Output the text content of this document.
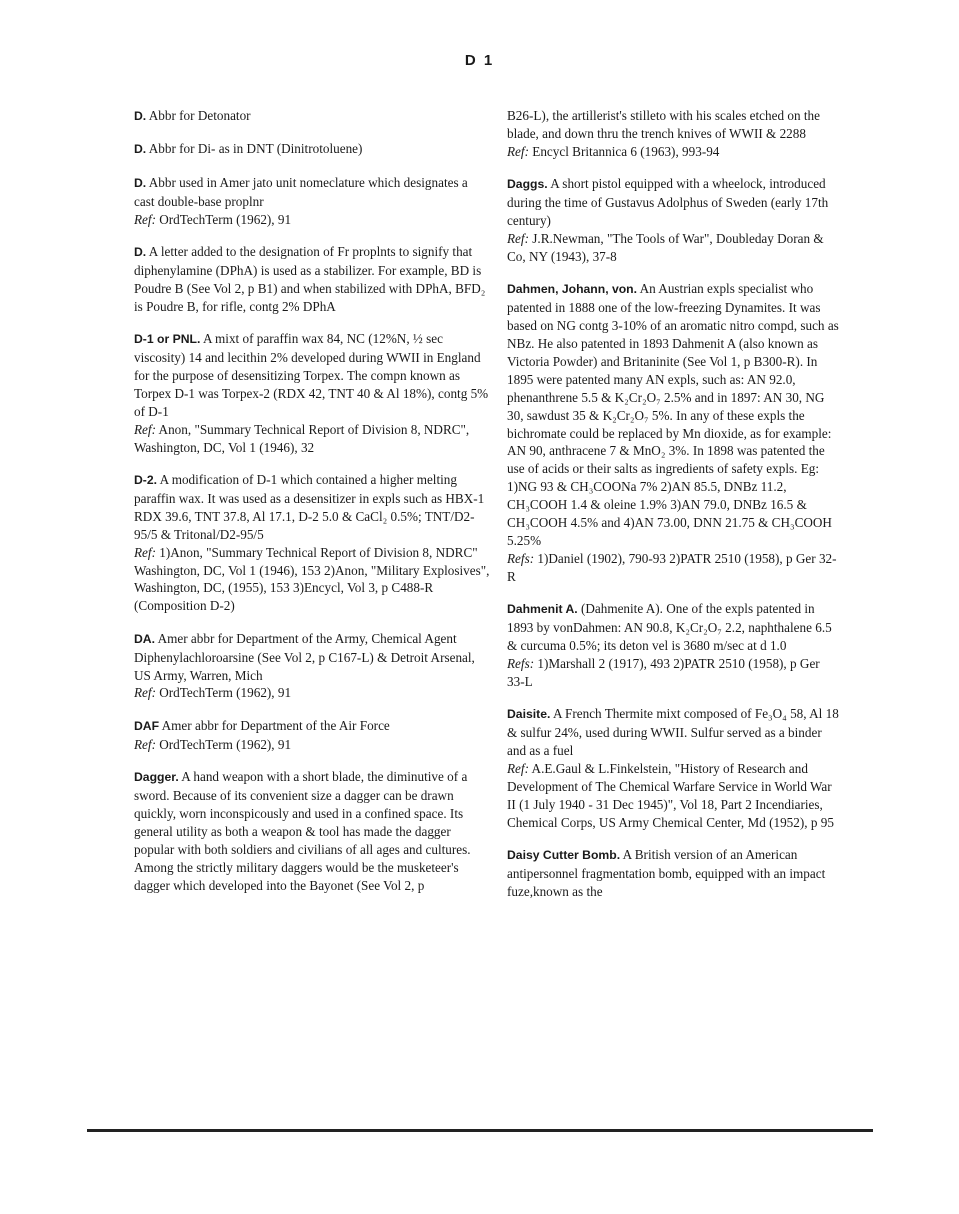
D 1

D. Abbr for Detonator

D. Abbr for Di- as in DNT (Dinitrotoluene)

D. Abbr used in Amer jato unit nomeclature which designates a cast double-base proplnr
Ref: OrdTechTerm (1962), 91

D. A letter added to the designation of Fr proplnts to signify that diphenylamine (DPhA) is used as a stabilizer. For example, BD is Poudre B (See Vol 2, p B1) and when stabilized with DPhA, BFD₂ is Poudre B, for rifle, contg 2% DPhA

D-1 or PNL. A mixt of paraffin wax 84, NC (12%N, ½ sec viscosity) 14 and lecithin 2% developed during WWII in England for the purpose of desensitizing Torpex. The compn known as Torpex D-1 was Torpex-2 (RDX 42, TNT 40 & Al 18%), contg 5% of D-1
Ref: Anon, "Summary Technical Report of Division 8, NDRC", Washington, DC, Vol 1 (1946), 32

D-2. A modification of D-1 which contained a higher melting paraffin wax. It was used as a desensitizer in expls such as HBX-1 RDX 39.6, TNT 37.8, Al 17.1, D-2 5.0 & CaCl₂ 0.5%; TNT/D2-95/5 & Tritonal/D2-95/5
Ref: 1)Anon, "Summary Technical Report of Division 8, NDRC" Washington, DC, Vol 1 (1946), 153 2)Anon, "Military Explosives", Washington, DC, (1955), 153 3)Encycl, Vol 3, p C488-R (Composition D-2)

DA. Amer abbr for Department of the Army, Chemical Agent Diphenylachloroarsine (See Vol 2, p C167-L) & Detroit Arsenal, US Army, Warren, Mich
Ref: OrdTechTerm (1962), 91

DAF Amer abbr for Department of the Air Force
Ref: OrdTechTerm (1962), 91

Dagger. A hand weapon with a short blade, the diminutive of a sword. Because of its convenient size a dagger can be drawn quickly, worn inconspicously and used in a confined space. Its general utility as both a weapon & tool has made the dagger popular with both soldiers and civilians of all ages and cultures. Among the strictly military daggers would be the musketeer's dagger which developed into the Bayonet (See Vol 2, p

B26-L), the artillerist's stilleto with his scales etched on the blade, and down thru the trench knives of WWII & 2288
Ref: Encycl Britannica 6 (1963), 993-94

Daggs. A short pistol equipped with a wheelock, introduced during the time of Gustavus Adolphus of Sweden (early 17th century)
Ref: J.R.Newman, "The Tools of War", Doubleday Doran & Co, NY (1943), 37-8

Dahmen, Johann, von. An Austrian expls specialist who patented in 1888 one of the low-freezing Dynamites. It was based on NG contg 3-10% of an aromatic nitro compd, such as NBz. He also patented in 1893 Dahmenit A (also known as Victoria Powder) and Britaninite (See Vol 1, p B300-R). In 1895 were patented many AN expls, such as: AN 92.0, phenanthrene 5.5 & K₂Cr₂O₇ 2.5% and in 1897: AN 30, NG 30, sawdust 35 & K₂Cr₂O₇ 5%. In any of these expls the bichromate could be replaced by Mn dioxide, as for example: AN 90, anthracene 7 & MnO₂ 3%. In 1898 was patented the use of acids or their salts as ingredients of safety expls. Eg: 1)NG 93 & CH₃COONa 7% 2)AN 85.5, DNBz 11.2, CH₃COOH 1.4 & oleine 1.9% 3)AN 79.0, DNBz 16.5 & CH₃COOH 4.5% and 4)AN 73.00, DNN 21.75 & CH₃COOH 5.25%
Refs: 1)Daniel (1902), 790-93 2)PATR 2510 (1958), p Ger 32-R

Dahmenit A. (Dahmenite A). One of the expls patented in 1893 by vonDahmen: AN 90.8, K₂Cr₂O₇ 2.2, naphthalene 6.5 & curcuma 0.5%; its deton vel is 3680 m/sec at d 1.0
Refs: 1)Marshall 2 (1917), 493 2)PATR 2510 (1958), p Ger 33-L

Daisite. A French Thermite mixt composed of Fe₃O₄ 58, Al 18 & sulfur 24%, used during WWII. Sulfur served as a binder and as a fuel
Ref: A.E.Gaul & L.Finkelstein, "History of Research and Development of The Chemical Warfare Service in World War II (1 July 1940 - 31 Dec 1945)", Vol 18, Part 2 Incendiaries, Chemical Corps, US Army Chemical Center, Md (1952), p 95

Daisy Cutter Bomb. A British version of an American antipersonnel fragmentation bomb, equipped with an impact fuze,known as the
